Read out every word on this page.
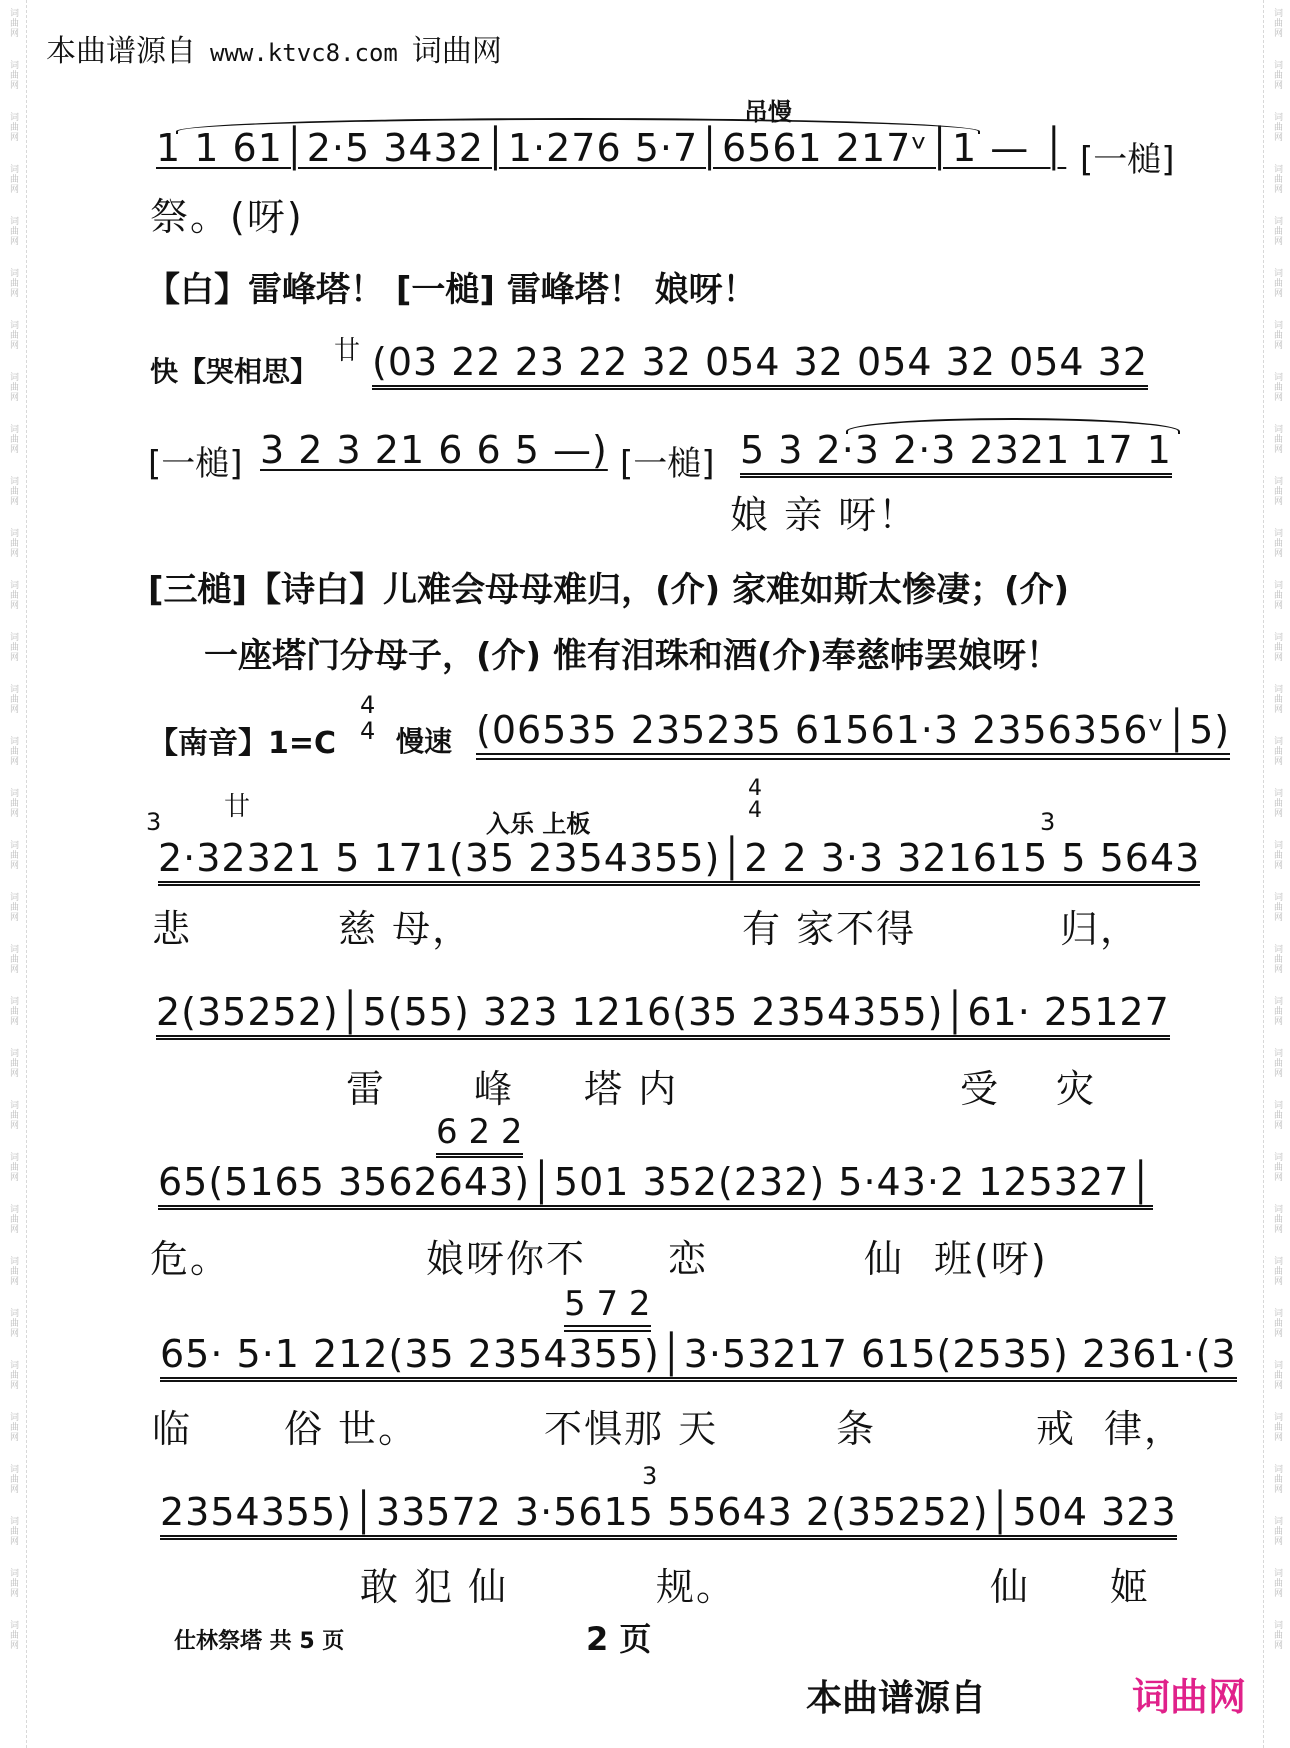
词曲网
词曲网
词曲网
词曲网
词曲网
词曲网
词曲网
词曲网
词曲网
词曲网
词曲网
词曲网
词曲网
词曲网
词曲网
词曲网
词曲网
词曲网
词曲网
词曲网
词曲网
词曲网
词曲网
词曲网
词曲网
词曲网
词曲网
词曲网
词曲网
词曲网
词曲网
词曲网
词曲网
词曲网
词曲网
词曲网
词曲网
词曲网
词曲网
词曲网
词曲网
词曲网
词曲网
词曲网
词曲网
词曲网
词曲网
词曲网
词曲网
词曲网
词曲网
词曲网
词曲网
词曲网
词曲网
词曲网
词曲网
词曲网
词曲网
词曲网
词曲网
词曲网
词曲网
词曲网
本曲谱源自 www.ktvc8.com 词曲网
吊慢
1 1 61│2·5 3432│1·276 5·7│6561 217ᵛ│1 — │ [一槌]
祭。(呀)
【白】雷峰塔！ [一槌] 雷峰塔！ 娘呀！
快【哭相思】
廿 (03 22 23 22 32 054 32 054 32 054 32
[一槌] 3 2 3 21 6 6 5 —) [一槌] 5 3 2·3 2·3 2321 17 1
娘 亲 呀！
[三槌]【诗白】儿难会母母难归，(介) 家难如斯太惨凄；(介)
一座塔门分母子，(介) 惟有泪珠和酒(介)奉慈帏罢娘呀！
【南音】1=C
4
4 慢速 (06535 235235 61561·3 2356356ᵛ│5)
3 廿
入乐 上板
4
4	3
2·32321 5 171(35 2354355)│2 2 3·3 321615 5 5643
悲	慈 母，	有 家不得	归，
2(35252)│5(55) 323 1216(35 2354355)│61· 25127
雷 峰 塔 内	受 灾
6 2 2
65(5165 3562643)│501 352(232) 5·43·2 125327│
危。	娘呀你不 恋	仙 班(呀)
5 7 2
65· 5·1 212(35 2354355)│3·53217 615(2535) 2361·(3
临 俗 世。	不惧那 天	条	戒 律，
3
2354355)│33572 3·5615 55643 2(35252)│504 323
敢 犯 仙	规。	仙 姬
仕林祭塔 共 5 页	2 页
本曲谱源自	词曲网
